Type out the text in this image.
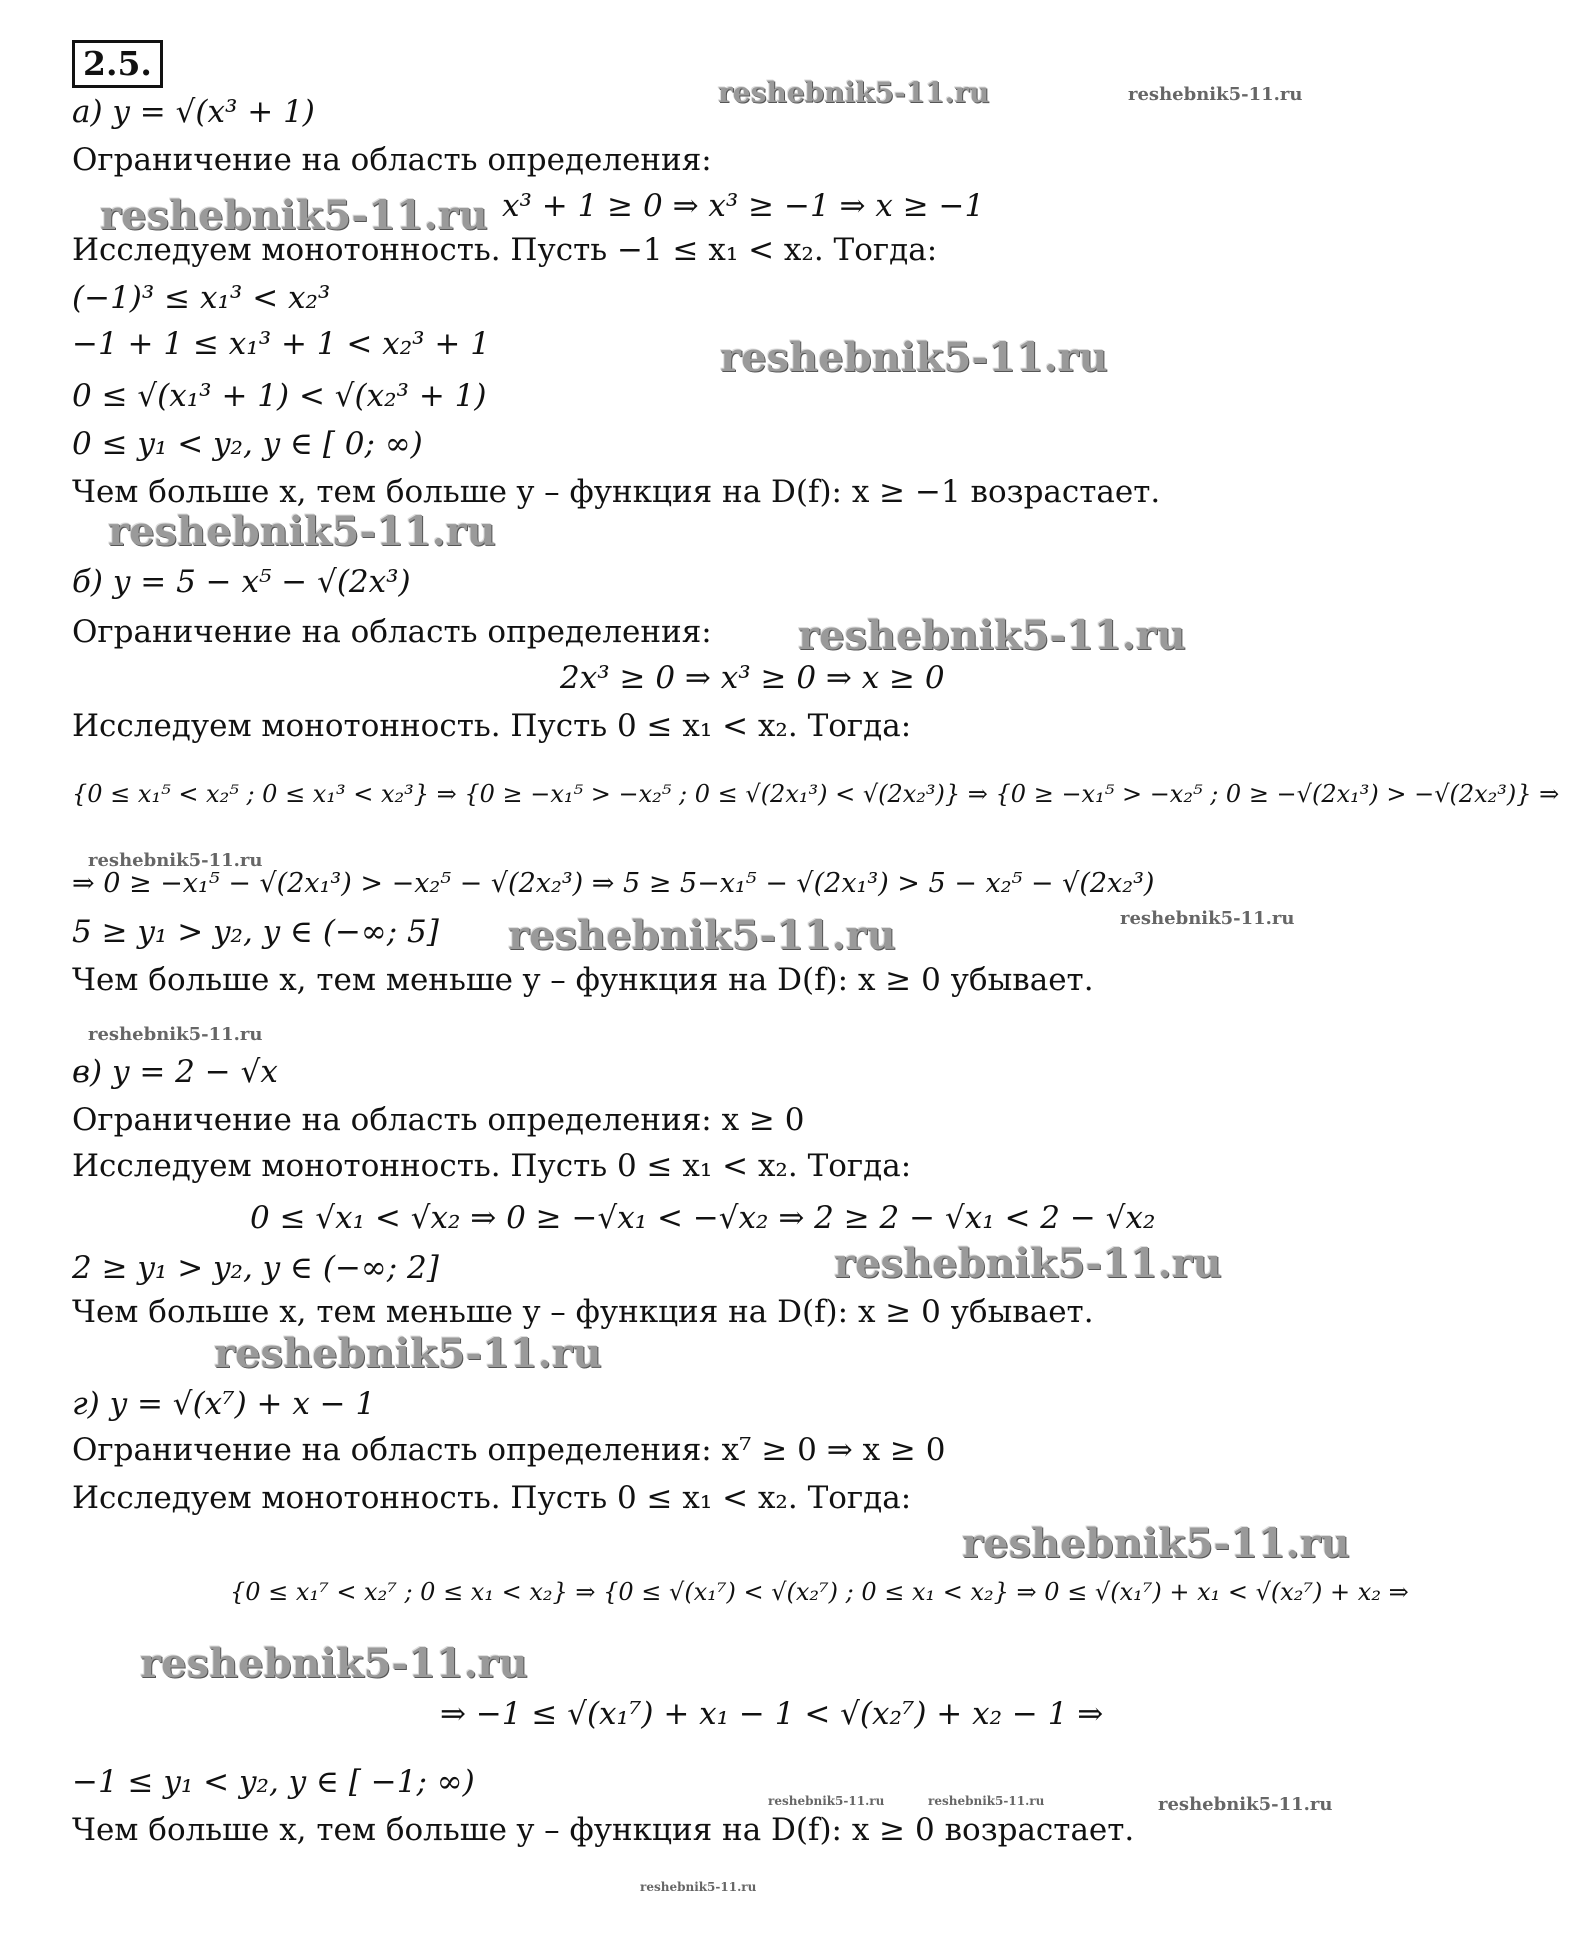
2.5.
а) y = √(x³ + 1)
Ограничение на область определения:
x³ + 1 ≥ 0 ⇒ x³ ≥ −1 ⇒ x ≥ −1
Исследуем монотонность. Пусть −1 ≤ x₁ < x₂. Тогда:
(−1)³ ≤ x₁³ < x₂³
−1 + 1 ≤ x₁³ + 1 < x₂³ + 1
0 ≤ √(x₁³ + 1) < √(x₂³ + 1)
0 ≤ y₁ < y₂, y ∈ [ 0; ∞)
Чем больше x, тем больше y – функция на D(f): x ≥ −1 возрастает.
б) y = 5 − x⁵ − √(2x³)
Ограничение на область определения:
2x³ ≥ 0 ⇒ x³ ≥ 0 ⇒ x ≥ 0
Исследуем монотонность. Пусть 0 ≤ x₁ < x₂. Тогда:
{0 ≤ x₁⁵ < x₂⁵ ; 0 ≤ x₁³ < x₂³} ⇒ {0 ≥ −x₁⁵ > −x₂⁵ ; 0 ≤ √(2x₁³) < √(2x₂³)} ⇒ {0 ≥ −x₁⁵ > −x₂⁵ ; 0 ≥ −√(2x₁³) > −√(2x₂³)} ⇒
⇒ 0 ≥ −x₁⁵ − √(2x₁³) > −x₂⁵ − √(2x₂³) ⇒ 5 ≥ 5−x₁⁵ − √(2x₁³) > 5 − x₂⁵ − √(2x₂³)
5 ≥ y₁ > y₂, y ∈ (−∞; 5]
Чем больше x, тем меньше y – функция на D(f): x ≥ 0 убывает.
в) y = 2 − √x
Ограничение на область определения: x ≥ 0
Исследуем монотонность. Пусть 0 ≤ x₁ < x₂. Тогда:
0 ≤ √x₁ < √x₂ ⇒ 0 ≥ −√x₁ < −√x₂ ⇒ 2 ≥ 2 − √x₁ < 2 − √x₂
2 ≥ y₁ > y₂, y ∈ (−∞; 2]
Чем больше x, тем меньше y – функция на D(f): x ≥ 0 убывает.
г) y = √(x⁷) + x − 1
Ограничение на область определения: x⁷ ≥ 0 ⇒ x ≥ 0
Исследуем монотонность. Пусть 0 ≤ x₁ < x₂. Тогда:
{0 ≤ x₁⁷ < x₂⁷ ; 0 ≤ x₁ < x₂} ⇒ {0 ≤ √(x₁⁷) < √(x₂⁷) ; 0 ≤ x₁ < x₂} ⇒ 0 ≤ √(x₁⁷) + x₁ < √(x₂⁷) + x₂ ⇒
⇒ −1 ≤ √(x₁⁷) + x₁ − 1 < √(x₂⁷) + x₂ − 1 ⇒
−1 ≤ y₁ < y₂, y ∈ [ −1; ∞)
Чем больше x, тем больше y – функция на D(f): x ≥ 0 возрастает.
reshebnik5-11.ru	reshebnik5-11.ru
reshebnik5-11.ru
reshebnik5-11.ru
reshebnik5-11.ru
reshebnik5-11.ru
reshebnik5-11.ru
reshebnik5-11.ru	reshebnik5-11.ru
reshebnik5-11.ru
reshebnik5-11.ru
reshebnik5-11.ru
reshebnik5-11.ru
reshebnik5-11.ru
reshebnik5-11.ru	reshebnik5-11.ru	reshebnik5-11.ru
reshebnik5-11.ru
